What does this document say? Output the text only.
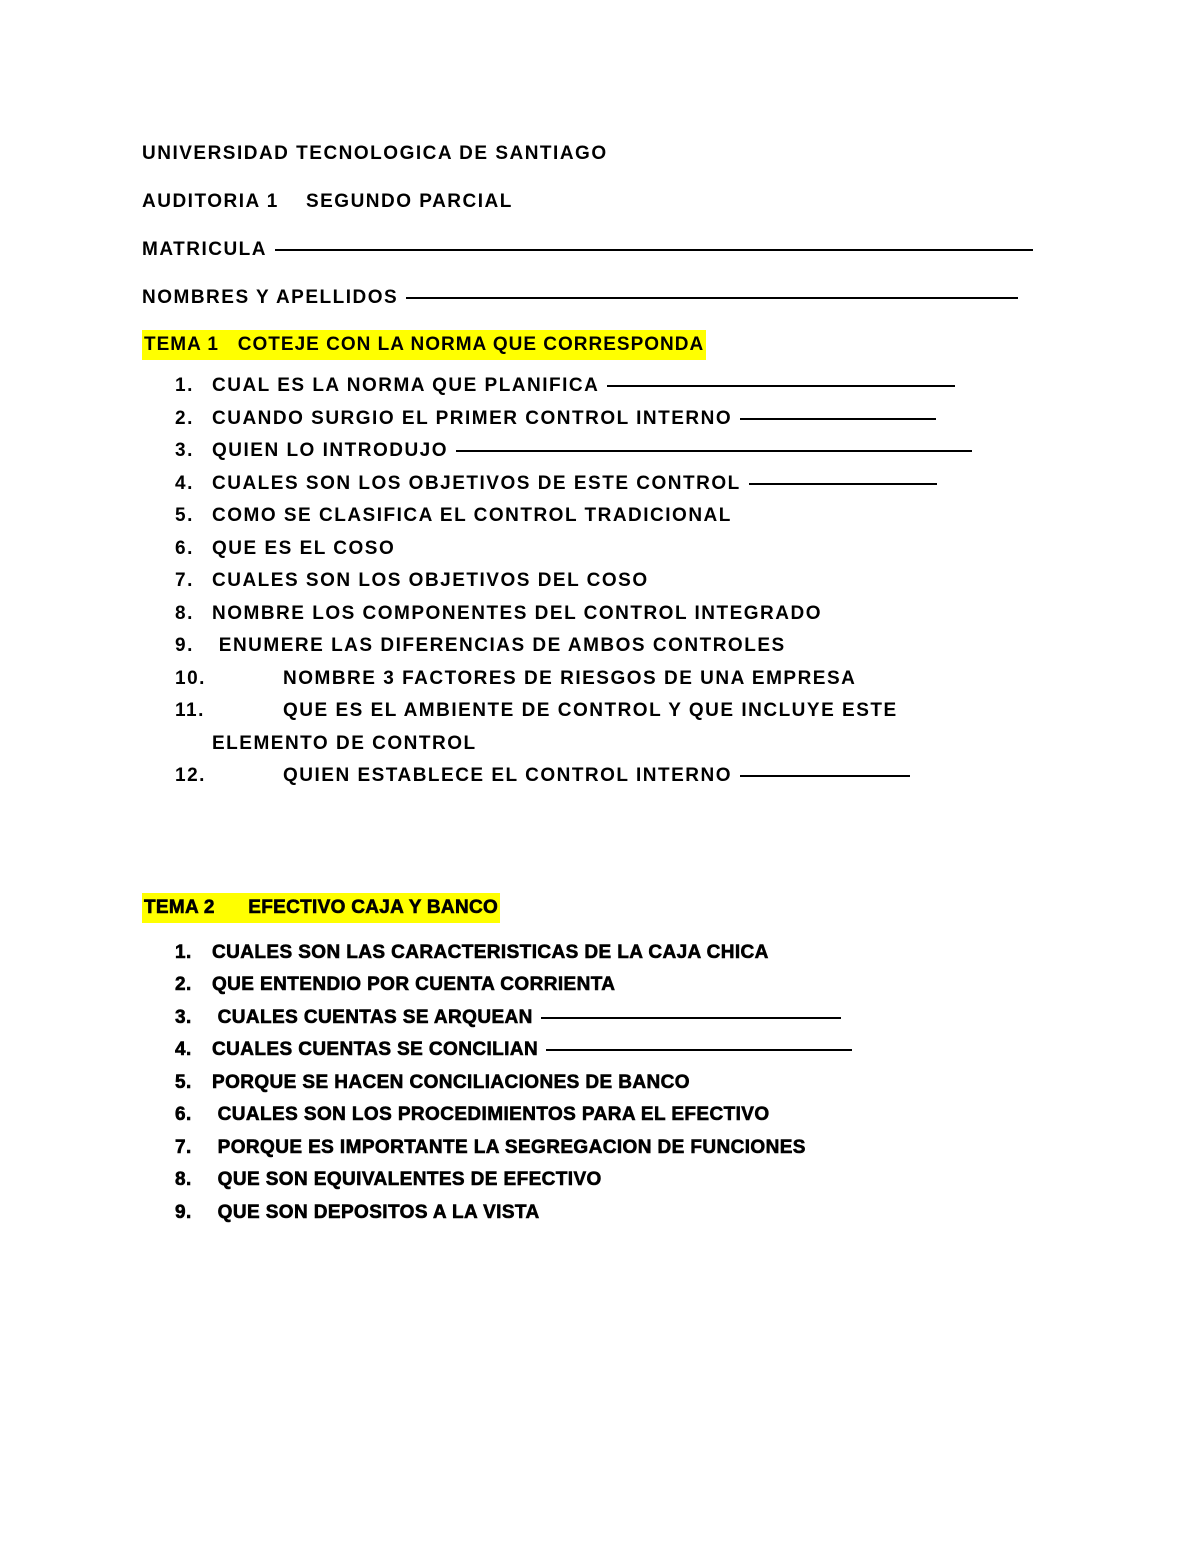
UNIVERSIDAD TECNOLOGICA DE SANTIAGO
AUDITORIA 1    SEGUNDO PARCIAL
MATRICULA
NOMBRES Y APELLIDOS
TEMA 1   COTEJE CON LA NORMA QUE CORRESPONDA
1. CUAL ES LA NORMA QUE PLANIFICA
2. CUANDO SURGIO EL PRIMER CONTROL INTERNO
3. QUIEN LO INTRODUJO
4. CUALES SON LOS OBJETIVOS DE ESTE CONTROL
5. COMO SE CLASIFICA EL CONTROL TRADICIONAL
6. QUE ES EL COSO
7. CUALES SON LOS OBJETIVOS DEL COSO
8. NOMBRE LOS COMPONENTES DEL CONTROL INTEGRADO
9. ENUMERE LAS DIFERENCIAS DE AMBOS CONTROLES
10.	NOMBRE 3 FACTORES DE RIESGOS DE UNA EMPRESA
11.	QUE ES EL AMBIENTE DE CONTROL Y QUE INCLUYE ESTE
ELEMENTO DE CONTROL
12.	QUIEN ESTABLECE EL CONTROL INTERNO
TEMA 2      EFECTIVO CAJA Y BANCO
1.	CUALES SON LAS CARACTERISTICAS DE LA CAJA CHICA
2.	QUE ENTENDIO POR CUENTA CORRIENTA
3.	CUALES CUENTAS SE ARQUEAN
4.	CUALES CUENTAS SE CONCILIAN
5.	PORQUE SE HACEN CONCILIACIONES DE BANCO
6.	CUALES SON LOS PROCEDIMIENTOS PARA EL EFECTIVO
7.	PORQUE ES IMPORTANTE LA SEGREGACION DE FUNCIONES
8.	QUE SON EQUIVALENTES DE EFECTIVO
9.	QUE SON DEPOSITOS A LA VISTA
